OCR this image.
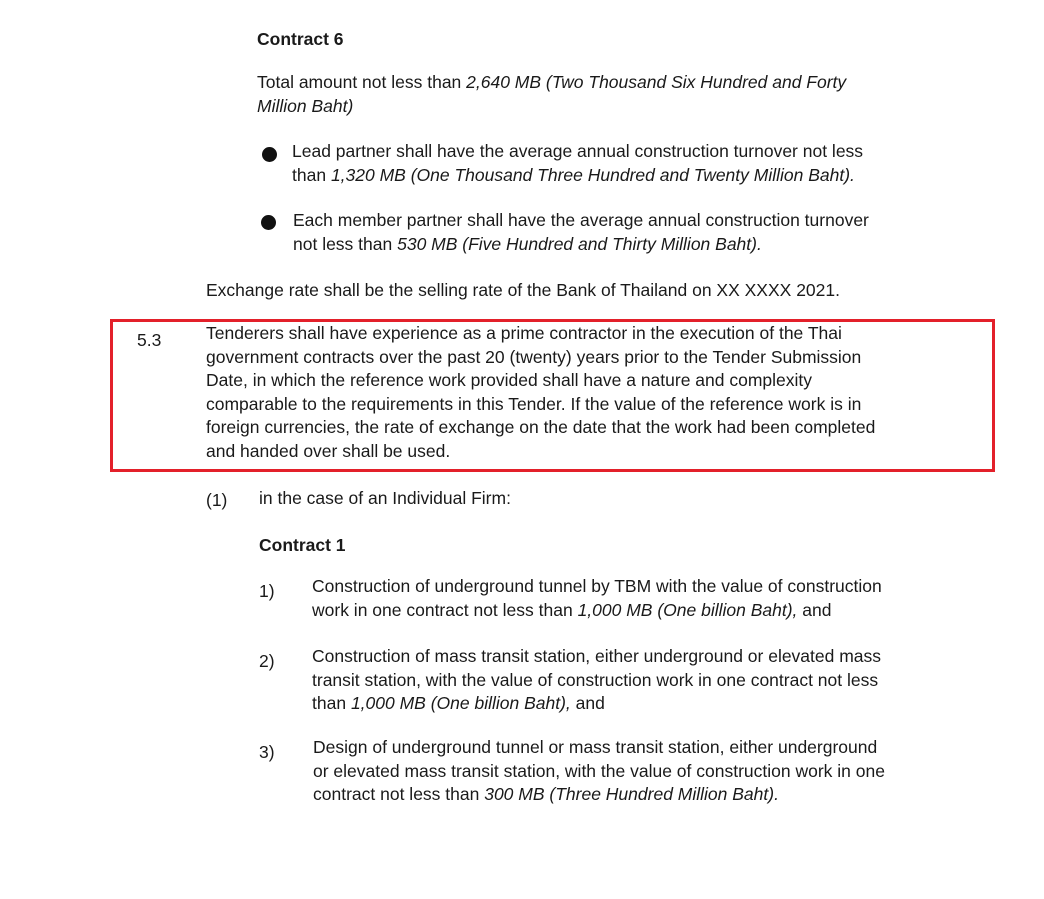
Contract 6
Total amount not less than 2,640 MB (Two Thousand Six Hundred and Forty
Million Baht)
Lead partner shall have the average annual construction turnover not less
than 1,320 MB (One Thousand Three Hundred and Twenty Million Baht).
Each member partner shall have the average annual construction turnover
not less than 530 MB (Five Hundred and Thirty Million Baht).
Exchange rate shall be the selling rate of the Bank of Thailand on XX XXXX 2021.
5.3	Tenderers shall have experience as a prime contractor in the execution of the Thai
government contracts over the past 20 (twenty) years prior to the Tender Submission
Date, in which the reference work provided shall have a nature and complexity
comparable to the requirements in this Tender. If the value of the reference work is in
foreign currencies, the rate of exchange on the date that the work had been completed
and handed over shall be used.
(1) in the case of an Individual Firm:
Contract 1
1) Construction of underground tunnel by TBM with the value of construction
work in one contract not less than 1,000 MB (One billion Baht), and
2) Construction of mass transit station, either underground or elevated mass
transit station, with the value of construction work in one contract not less
than 1,000 MB (One billion Baht), and
3) Design of underground tunnel or mass transit station, either underground
or elevated mass transit station, with the value of construction work in one
contract not less than 300 MB (Three Hundred Million Baht).
